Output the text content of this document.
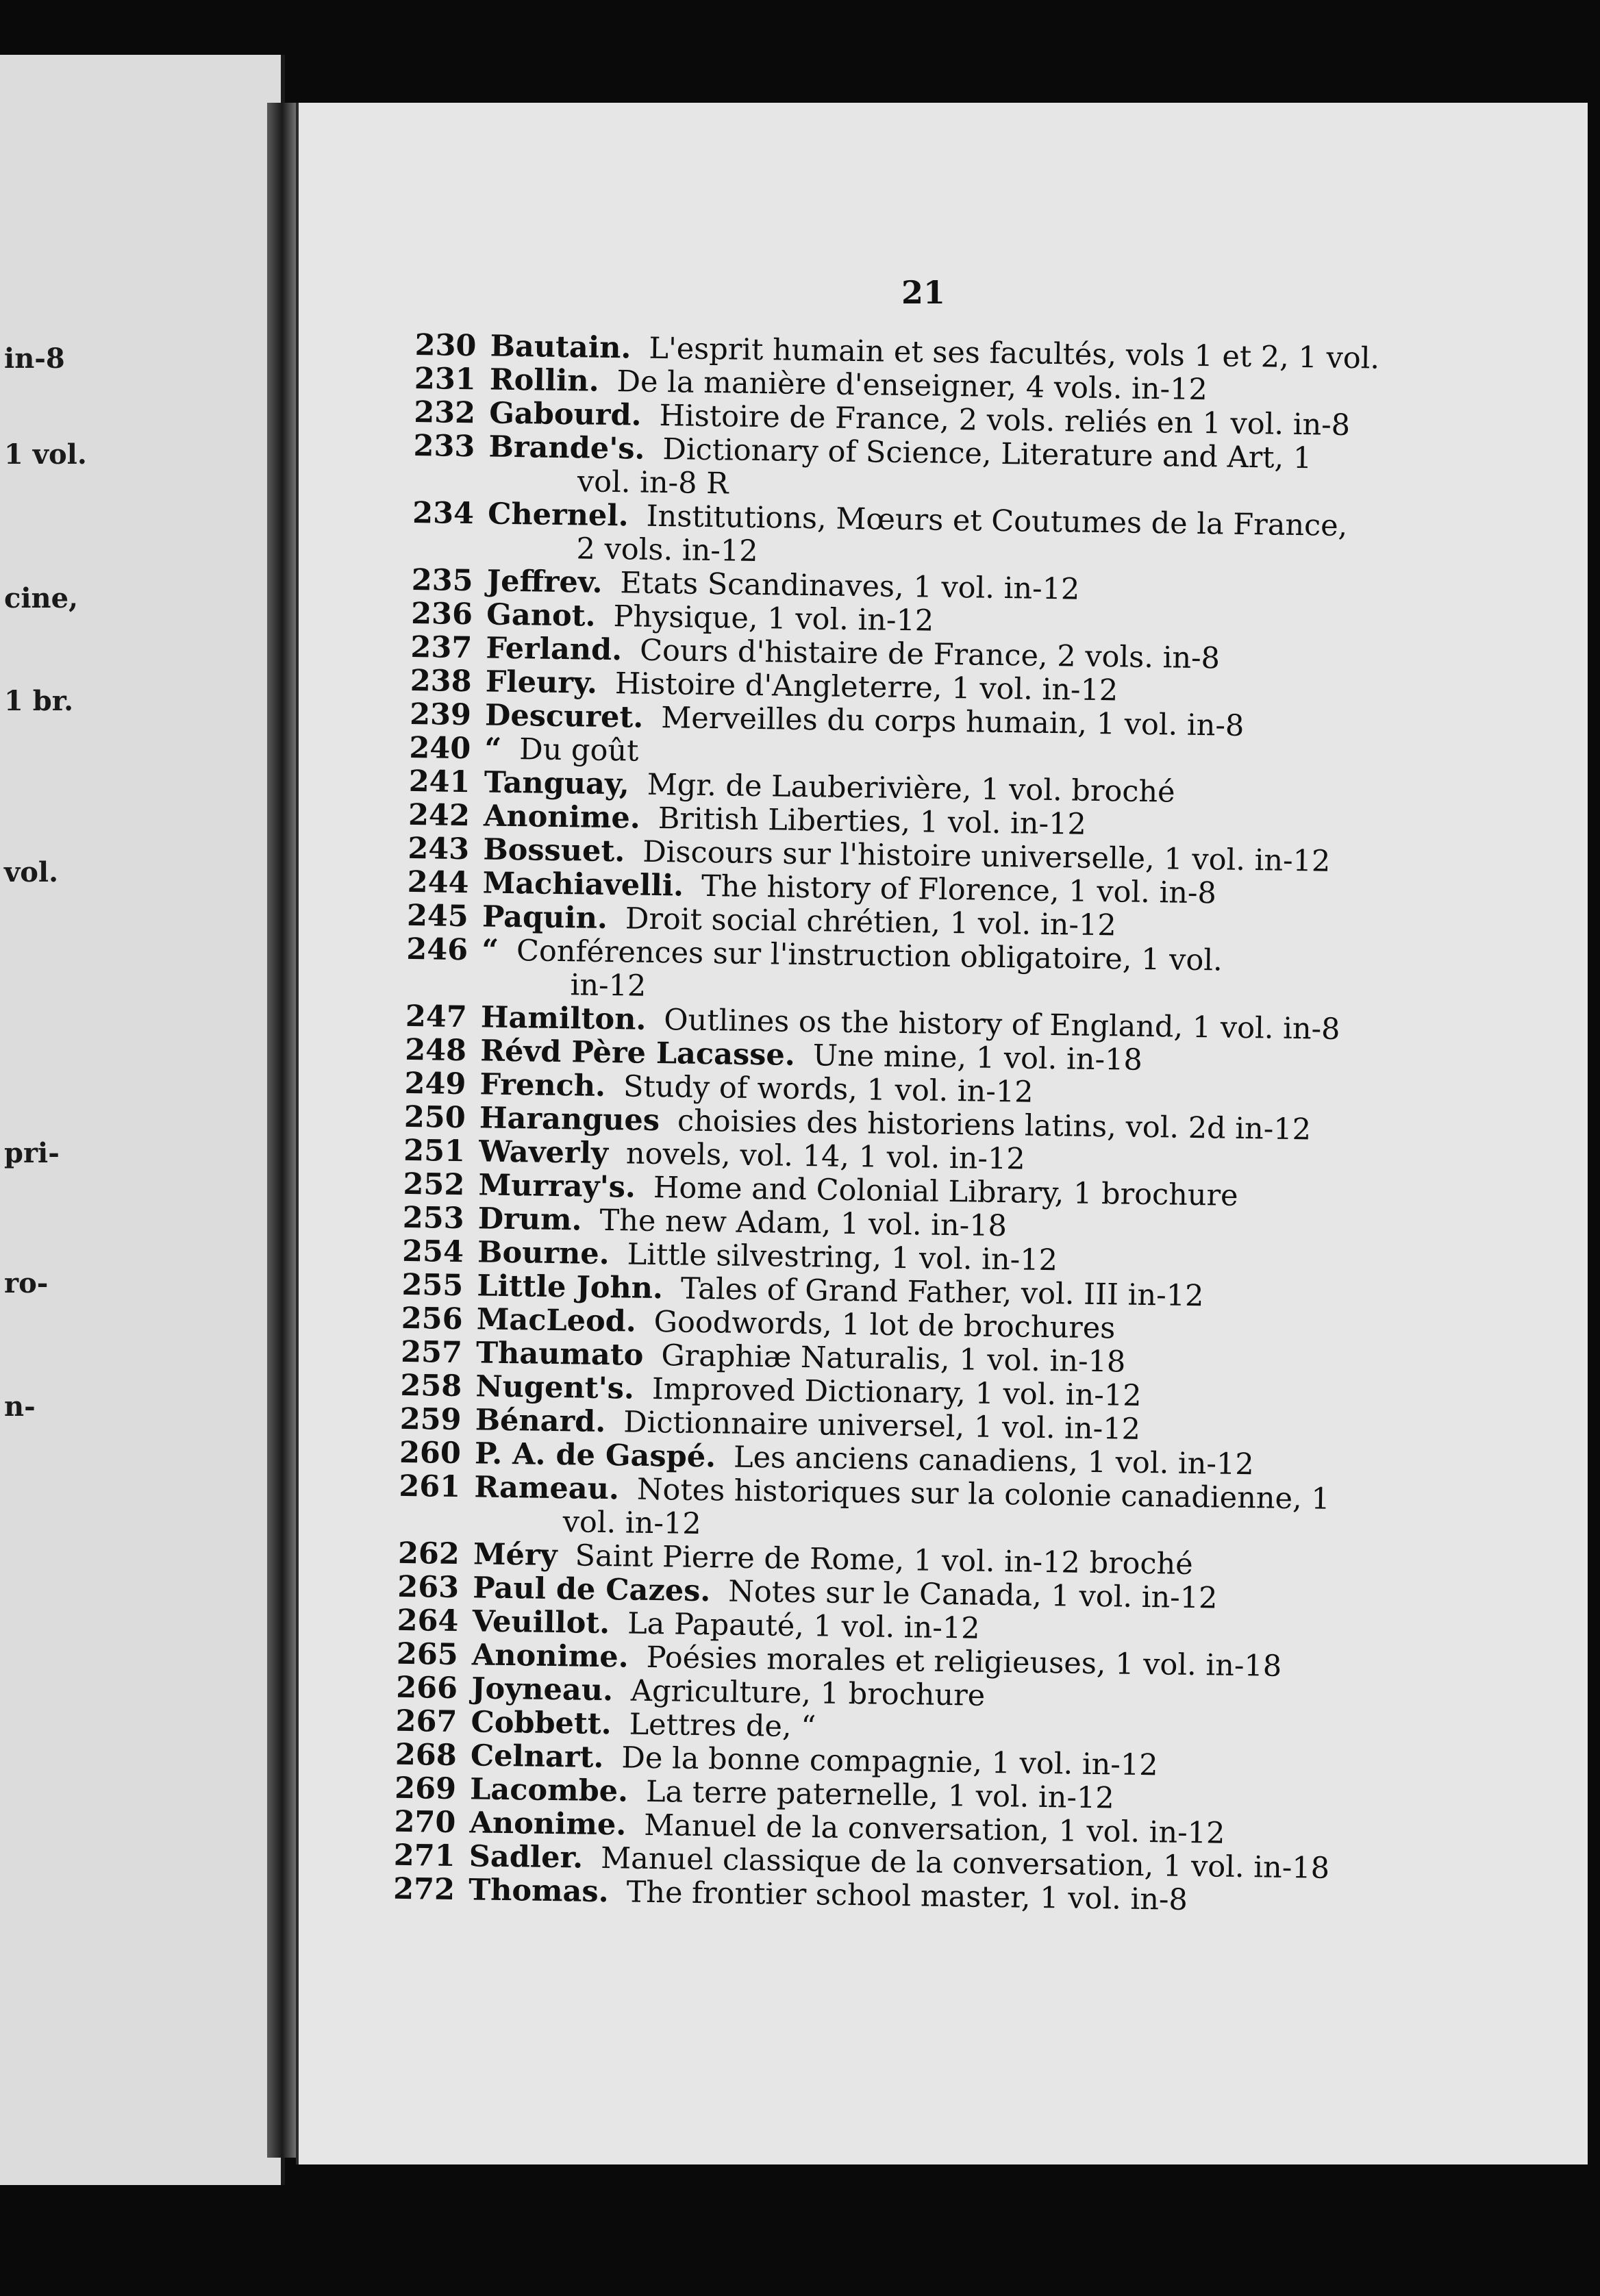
in-8
1 vol.
cine,
1 br.
vol.
pri-
ro-
n-
21
230 Bautain. L'esprit humain et ses facultés, vols 1 et 2, 1 vol.
231 Rollin. De la manière d'enseigner, 4 vols. in-12
232 Gabourd. Histoire de France, 2 vols. reliés en 1 vol. in-8
233 Brande's. Dictionary of Science, Literature and Art, 1
vol. in-8 R
234 Chernel. Institutions, Mœurs et Coutumes de la France,
2 vols. in-12
235 Jeffrev. Etats Scandinaves, 1 vol. in-12
236 Ganot. Physique, 1 vol. in-12
237 Ferland. Cours d'histaire de France, 2 vols. in-8
238 Fleury. Histoire d'Angleterre, 1 vol. in-12
239 Descuret. Merveilles du corps humain, 1 vol. in-8
240 “ Du goût
241 Tanguay, Mgr. de Lauberivière, 1 vol. broché
242 Anonime. British Liberties, 1 vol. in-12
243 Bossuet. Discours sur l'histoire universelle, 1 vol. in-12
244 Machiavelli. The history of Florence, 1 vol. in-8
245 Paquin. Droit social chrétien, 1 vol. in-12
246 “ Conférences sur l'instruction obligatoire, 1 vol.
in-12
247 Hamilton. Outlines os the history of England, 1 vol. in-8
248 Révd Père Lacasse. Une mine, 1 vol. in-18
249 French. Study of words, 1 vol. in-12
250 Harangues choisies des historiens latins, vol. 2d in-12
251 Waverly novels, vol. 14, 1 vol. in-12
252 Murray's. Home and Colonial Library, 1 brochure
253 Drum. The new Adam, 1 vol. in-18
254 Bourne. Little silvestring, 1 vol. in-12
255 Little John. Tales of Grand Father, vol. III in-12
256 MacLeod. Goodwords, 1 lot de brochures
257 Thaumato Graphiæ Naturalis, 1 vol. in-18
258 Nugent's. Improved Dictionary, 1 vol. in-12
259 Bénard. Dictionnaire universel, 1 vol. in-12
260 P. A. de Gaspé. Les anciens canadiens, 1 vol. in-12
261 Rameau. Notes historiques sur la colonie canadienne, 1
vol. in-12
262 Méry Saint Pierre de Rome, 1 vol. in-12 broché
263 Paul de Cazes. Notes sur le Canada, 1 vol. in-12
264 Veuillot. La Papauté, 1 vol. in-12
265 Anonime. Poésies morales et religieuses, 1 vol. in-18
266 Joyneau. Agriculture, 1 brochure
267 Cobbett. Lettres de, “
268 Celnart. De la bonne compagnie, 1 vol. in-12
269 Lacombe. La terre paternelle, 1 vol. in-12
270 Anonime. Manuel de la conversation, 1 vol. in-12
271 Sadler. Manuel classique de la conversation, 1 vol. in-18
272 Thomas. The frontier school master, 1 vol. in-8
